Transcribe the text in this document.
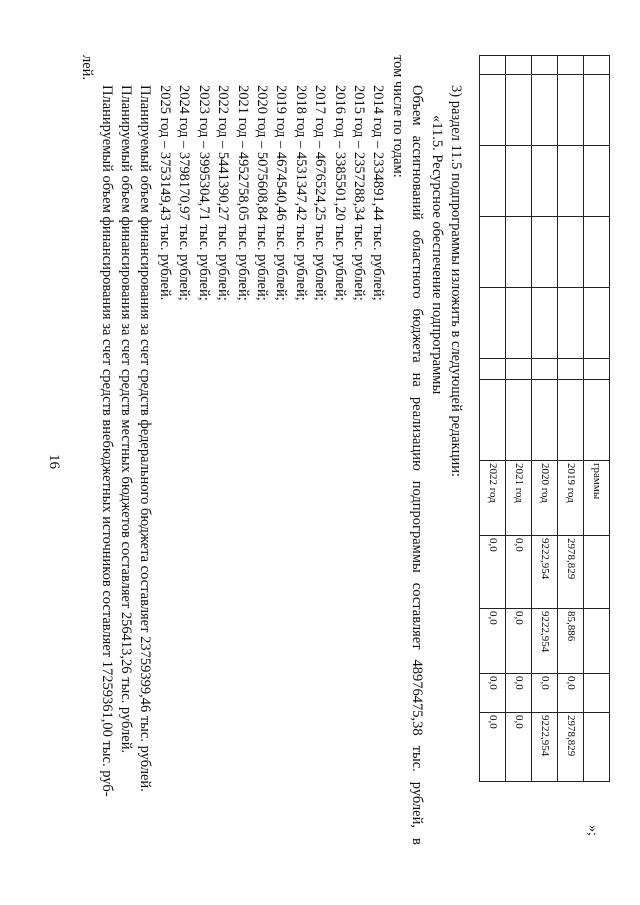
16
							граммы				
							2019 год	2978,829	85,886	0,0	2978,829
							2020 год	9222,954	9222,954	0,0	9222,954
							2021 год	0,0	0,0	0,0	0,0
							2022 год	0,0	0,0	0,0	0,0
»;
3) раздел 11.5 подпрограммы изложить в следующей редакции:
«11.5. Ресурсное обеспечение подпрограммы
Объем
ассигнований
областного
бюджета
на
реализацию
подпрограммы
составляет
48976475,38
тыс.
рублей,
в
том числе по годам:
2014 год – 2334891,44 тыс. рублей;
2015 год – 2357288,34 тыс. рублей;
2016 год – 3385501,20 тыс. рублей;
2017 год – 4676524,25 тыс. рублей;
2018 год – 4531347,42 тыс. рублей;
2019 год – 4674540,46 тыс. рублей;
2020 год – 5075608,84 тыс. рублей;
2021 год – 4952758,05 тыс. рублей;
2022 год – 5441390,27 тыс. рублей;
2023 год – 3995304,71 тыс. рублей;
2024 год – 3798170,97 тыс. рублей;
2025 год – 3753149,43 тыс. рублей.
Планируемый объем финансирования за счет средств федерального бюджета составляет 23759399,46 тыс. рублей.
Планируемый объем финансирования за счет средств местных бюджетов составляет 256413,26 тыс. рублей.
Планируемый объем финансирования за счет средств внебюджетных источников составляет 17259361,00 тыс. руб-
лей.
